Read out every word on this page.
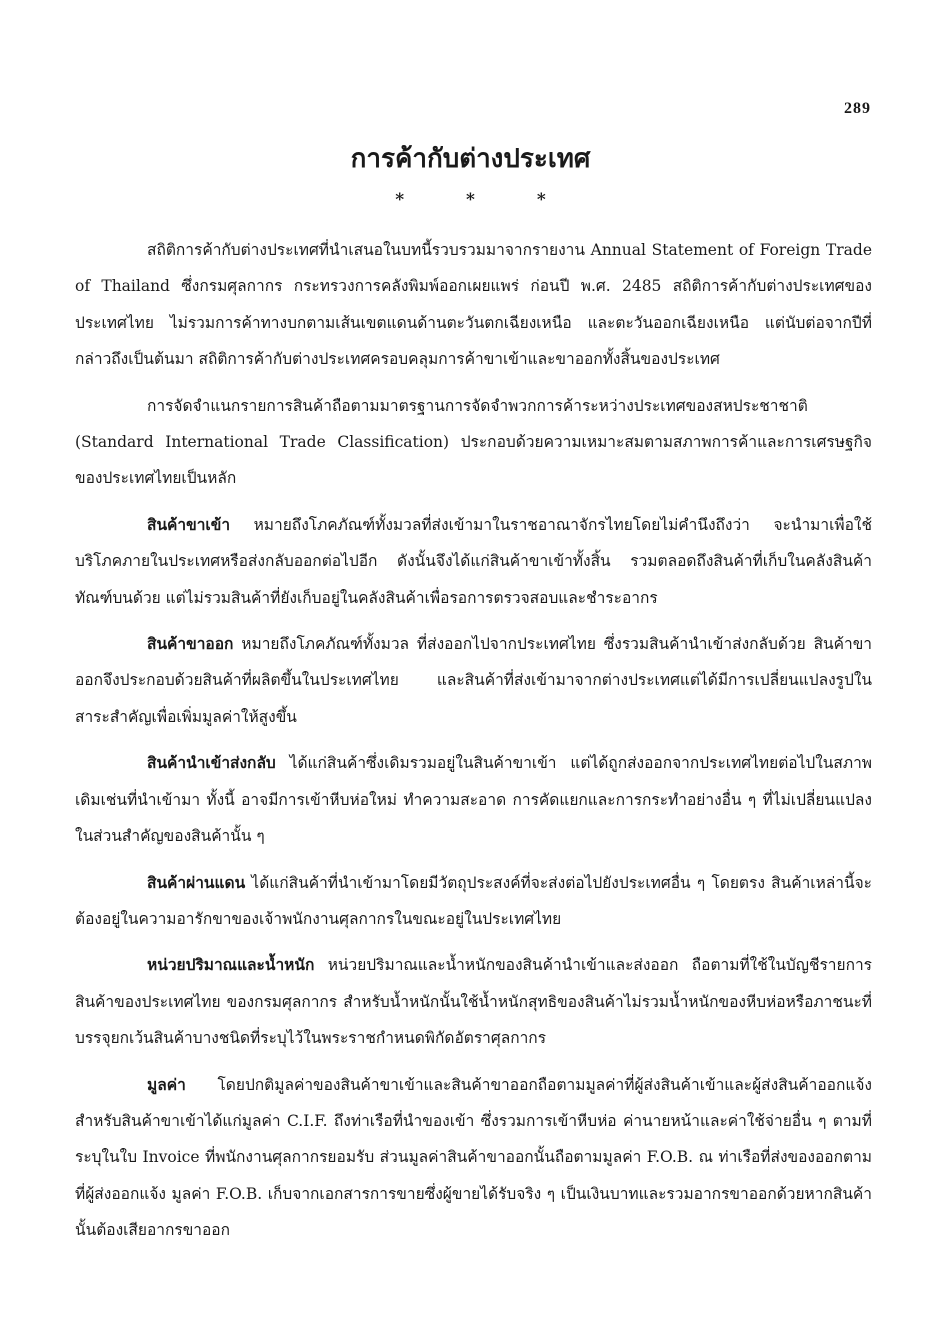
289
การค้ากับต่างประเทศ
* * *

สถิติการค้ากับต่างประเทศที่นำเสนอในบทนี้รวบรวมมาจากรายงาน Annual Statement of Foreign Trade of Thailand ซึ่งกรมศุลกากร กระทรวงการคลังพิมพ์ออกเผยแพร่ ก่อนปี พ.ศ. 2485 สถิติการค้ากับต่างประเทศของประเทศไทย ไม่รวมการค้าทางบกตามเส้นเขตแดนด้านตะวันตกเฉียงเหนือ และตะวันออกเฉียงเหนือ แต่นับต่อจากปีที่กล่าวถึงเป็นต้นมา สถิติการค้ากับต่างประเทศครอบคลุมการค้าขาเข้าและขาออกทั้งสิ้นของประเทศ

การจัดจำแนกรายการสินค้าถือตามมาตรฐานการจัดจำพวกการค้าระหว่างประเทศของสหประชาชาติ (Standard International Trade Classification) ประกอบด้วยความเหมาะสมตามสภาพการค้าและการเศรษฐกิจของประเทศไทยเป็นหลัก

สินค้าขาเข้า หมายถึงโภคภัณฑ์ทั้งมวลที่ส่งเข้ามาในราชอาณาจักรไทยโดยไม่คำนึงถึงว่า จะนำมาเพื่อใช้บริโภคภายในประเทศหรือส่งกลับออกต่อไปอีก ดังนั้นจึงได้แก่สินค้าขาเข้าทั้งสิ้น รวมตลอดถึงสินค้าที่เก็บในคลังสินค้าทัณฑ์บนด้วย แต่ไม่รวมสินค้าที่ยังเก็บอยู่ในคลังสินค้าเพื่อรอการตรวจสอบและชำระอากร

สินค้าขาออก หมายถึงโภคภัณฑ์ทั้งมวล ที่ส่งออกไปจากประเทศไทย ซึ่งรวมสินค้านำเข้าส่งกลับด้วย สินค้าขาออกจึงประกอบด้วยสินค้าที่ผลิตขึ้นในประเทศไทย และสินค้าที่ส่งเข้ามาจากต่างประเทศแต่ได้มีการเปลี่ยนแปลงรูปในสาระสำคัญเพื่อเพิ่มมูลค่าให้สูงขึ้น

สินค้านำเข้าส่งกลับ ได้แก่สินค้าซึ่งเดิมรวมอยู่ในสินค้าขาเข้า แต่ได้ถูกส่งออกจากประเทศไทยต่อไปในสภาพเดิมเช่นที่นำเข้ามา ทั้งนี้ อาจมีการเข้าหีบห่อใหม่ ทำความสะอาด การคัดแยกและการกระทำอย่างอื่น ๆ ที่ไม่เปลี่ยนแปลงในส่วนสำคัญของสินค้านั้น ๆ

สินค้าผ่านแดน ได้แก่สินค้าที่นำเข้ามาโดยมีวัตถุประสงค์ที่จะส่งต่อไปยังประเทศอื่น ๆ โดยตรง สินค้าเหล่านี้จะต้องอยู่ในความอารักขาของเจ้าพนักงานศุลกากรในขณะอยู่ในประเทศไทย

หน่วยปริมาณและน้ำหนัก หน่วยปริมาณและน้ำหนักของสินค้านำเข้าและส่งออก ถือตามที่ใช้ในบัญชีรายการสินค้าของประเทศไทย ของกรมศุลกากร สำหรับน้ำหนักนั้นใช้น้ำหนักสุทธิของสินค้าไม่รวมน้ำหนักของหีบห่อหรือภาชนะที่บรรจุยกเว้นสินค้าบางชนิดที่ระบุไว้ในพระราชกำหนดพิกัดอัตราศุลกากร

มูลค่า โดยปกติมูลค่าของสินค้าขาเข้าและสินค้าขาออกถือตามมูลค่าที่ผู้ส่งสินค้าเข้าและผู้ส่งสินค้าออกแจ้ง สำหรับสินค้าขาเข้าได้แก่มูลค่า C.I.F. ถึงท่าเรือที่นำของเข้า ซึ่งรวมการเข้าหีบห่อ ค่านายหน้าและค่าใช้จ่ายอื่น ๆ ตามที่ระบุในใบ Invoice ที่พนักงานศุลกากรยอมรับ ส่วนมูลค่าสินค้าขาออกนั้นถือตามมูลค่า F.O.B. ณ ท่าเรือที่ส่งของออกตามที่ผู้ส่งออกแจ้ง มูลค่า F.O.B. เก็บจากเอกสารการขายซึ่งผู้ขายได้รับจริง ๆ เป็นเงินบาทและรวมอากรขาออกด้วยหากสินค้านั้นต้องเสียอากรขาออก
